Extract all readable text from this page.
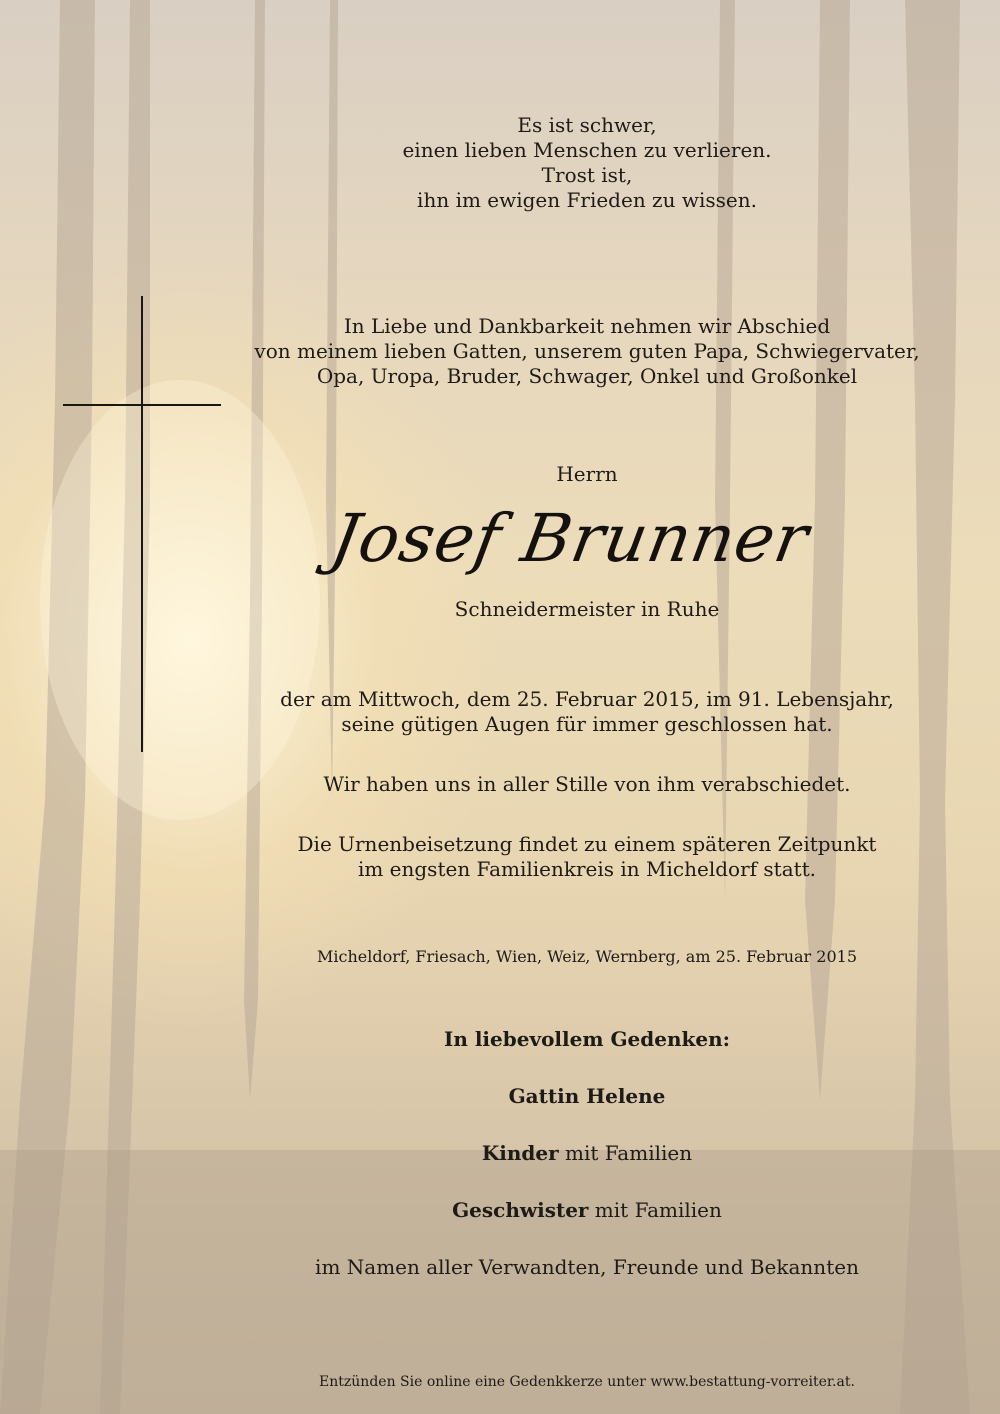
Es ist schwer,
einen lieben Menschen zu verlieren.
Trost ist,
ihn im ewigen Frieden zu wissen.
In Liebe und Dankbarkeit nehmen wir Abschied
von meinem lieben Gatten, unserem guten Papa, Schwiegervater,
Opa, Uropa, Bruder, Schwager, Onkel und Großonkel
Herrn
Josef Brunner
Schneidermeister in Ruhe
der am Mittwoch, dem 25. Februar 2015, im 91. Lebensjahr,
seine gütigen Augen für immer geschlossen hat.
Wir haben uns in aller Stille von ihm verabschiedet.
Die Urnenbeisetzung findet zu einem späteren Zeitpunkt
im engsten Familienkreis in Micheldorf statt.
Micheldorf, Friesach, Wien, Weiz, Wernberg, am 25. Februar 2015
In liebevollem Gedenken:
Gattin Helene
Kinder mit Familien
Geschwister mit Familien
im Namen aller Verwandten, Freunde und Bekannten
Entzünden Sie online eine Gedenkkerze unter www.bestattung-vorreiter.at.
